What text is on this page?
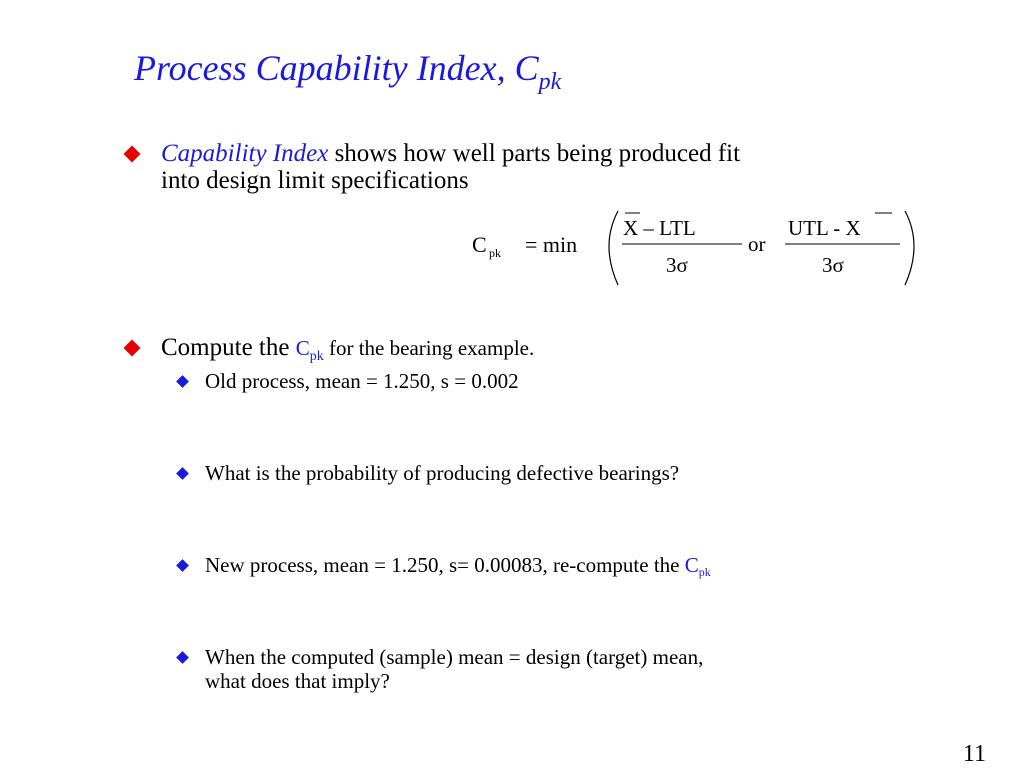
Process Capability Index, $C_{pk}$
Capability Index shows how well parts being produced fit
into design limit specifications
C pk = min
X – LTL
3σ
or
UTL - X
3σ
Compute the $C_{pk}$ for the bearing example.
Old process, mean = 1.250, s = 0.002
What is the probability of producing defective bearings?
New process, mean = 1.250, s= 0.00083, re-compute the Cpk
When the computed (sample) mean = design (target) mean,
what does that imply?
11
